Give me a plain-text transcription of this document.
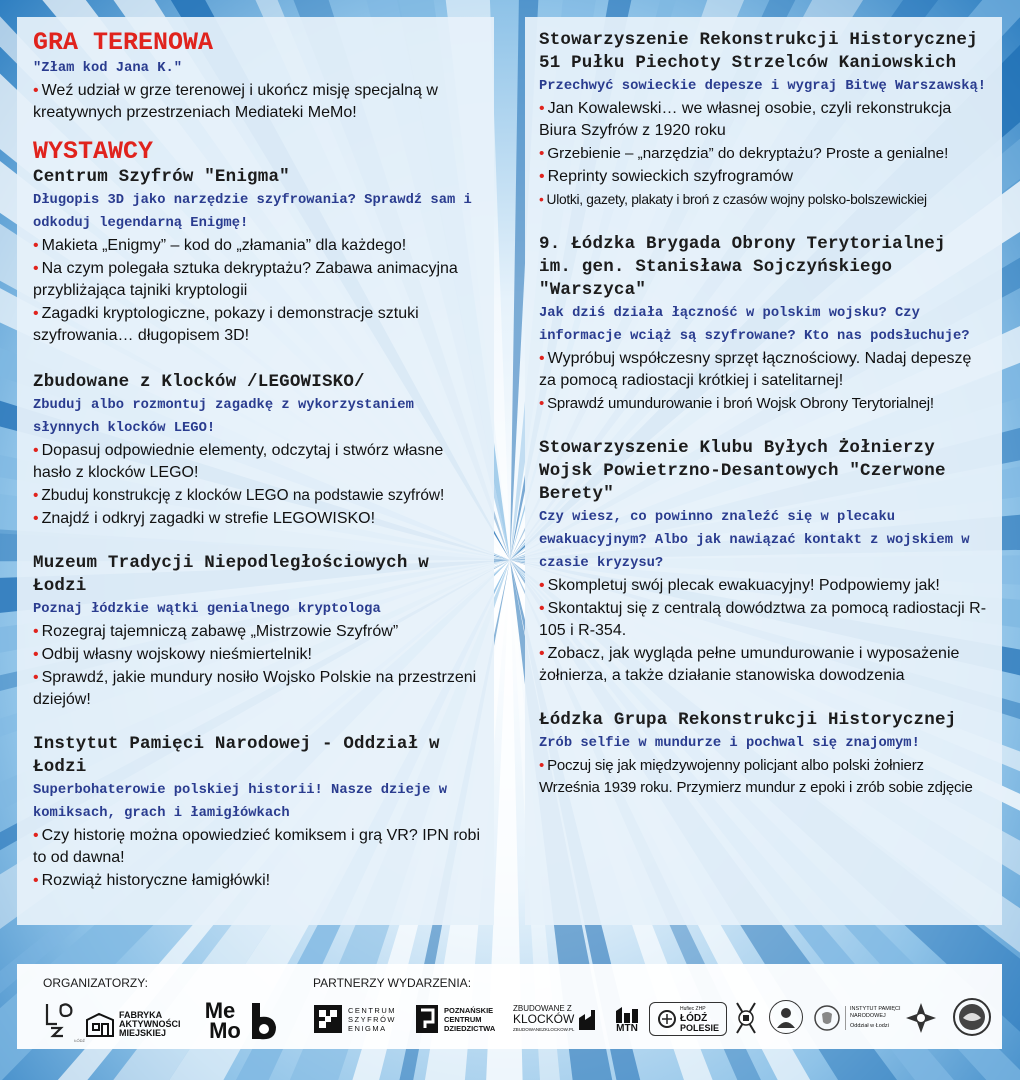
GRA TERENOWA

"Złam kod Jana K."

• Weź udział w grze terenowej i ukończ misję specjalną w kreatywnych przestrzeniach Mediateki MeMo!

WYSTAWCY

Centrum Szyfrów "Enigma"

Długopis 3D jako narzędzie szyfrowania? Sprawdź sam i odkoduj legendarną Enigmę!

• Makieta „Enigmy” – kod do „złamania” dla każdego!
• Na czym polegała sztuka dekryptażu? Zabawa animacyjna przybliżająca tajniki kryptologii
• Zagadki kryptologiczne, pokazy i demonstracje sztuki szyfrowania… długopisem 3D!

Zbudowane z Klocków /LEGOWISKO/

Zbuduj albo rozmontuj zagadkę z wykorzystaniem słynnych klocków LEGO!

• Dopasuj odpowiednie elementy, odczytaj i stwórz własne hasło z klocków LEGO!
• Zbuduj konstrukcję z klocków LEGO na podstawie szyfrów!
• Znajdź i odkryj zagadki w strefie LEGOWISKO!

Muzeum Tradycji Niepodległościowych w Łodzi

Poznaj łódzkie wątki genialnego kryptologa

• Rozegraj tajemniczą zabawę „Mistrzowie Szyfrów”
• Odbij własny wojskowy nieśmiertelnik!
• Sprawdź, jakie mundury nosiło Wojsko Polskie na przestrzeni dziejów!

Instytut Pamięci Narodowej - Oddział w Łodzi

Superbohaterowie polskiej historii! Nasze dzieje w komiksach, grach i łamigłówkach

• Czy historię można opowiedzieć komiksem i grą VR? IPN robi to od dawna!
• Rozwiąż historyczne łamigłówki!

Stowarzyszenie Rekonstrukcji Historycznej 51 Pułku Piechoty Strzelców Kaniowskich

Przechwyć sowieckie depesze i wygraj Bitwę Warszawską!

• Jan Kowalewski… we własnej osobie, czyli rekonstrukcja Biura Szyfrów z 1920 roku
• Grzebienie – „narzędzia” do dekryptażu? Proste a genialne!
• Reprinty sowieckich szyfrogramów
• Ulotki, gazety, plakaty i broń z czasów wojny polsko-bolszewickiej

9. Łódzka Brygada Obrony Terytorialnej im. gen. Stanisława Sojczyńskiego "Warszyca"

Jak dziś działa łączność w polskim wojsku? Czy informacje wciąż są szyfrowane? Kto nas podsłuchuje?

• Wypróbuj współczesny sprzęt łącznościowy. Nadaj depeszę za pomocą radiostacji krótkiej i satelitarnej!
• Sprawdź umundurowanie i broń Wojsk Obrony Terytorialnej!

Stowarzyszenie Klubu Byłych Żołnierzy Wojsk Powietrzno-Desantowych "Czerwone Berety"

Czy wiesz, co powinno znaleźć się w plecaku ewakuacyjnym? Albo jak nawiązać kontakt z wojskiem w czasie kryzysu?

• Skompletuj swój plecak ewakuacyjny! Podpowiemy jak!
• Skontaktuj się z centralą dowództwa za pomocą radiostacji R-105 i R-354.
• Zobacz, jak wygląda pełne umundurowanie i wyposażenie żołnierza, a także działanie stanowiska dowodzenia

Łódzka Grupa Rekonstrukcji Historycznej

Zrób selfie w mundurze i pochwal się znajomym!

• Poczuj się jak międzywojenny policjant albo polski żołnierz Września 1939 roku. Przymierz mundur z epoki i zrób sobie zdjęcie
ORGANIZATORZY:	PARTNERZY WYDARZENIA:
ŁÓDŹ
FABRYKA
AKTYWNOŚCI
MIEJSKIEJ
Me
Mo
CENTRUM
SZYFRÓW
ENIGMA
POZNAŃSKIE
CENTRUM
DZIEDZICTWA
ZBUDOWANE Z
KLOCKÓW
ZBUDOWANEZKLOCKOW.PL	MTN
Hufiec ZHP
ŁÓDŹ
POLESIE
INSTYTUT PAMIĘCI
NARODOWEJ
Oddział w Łodzi
